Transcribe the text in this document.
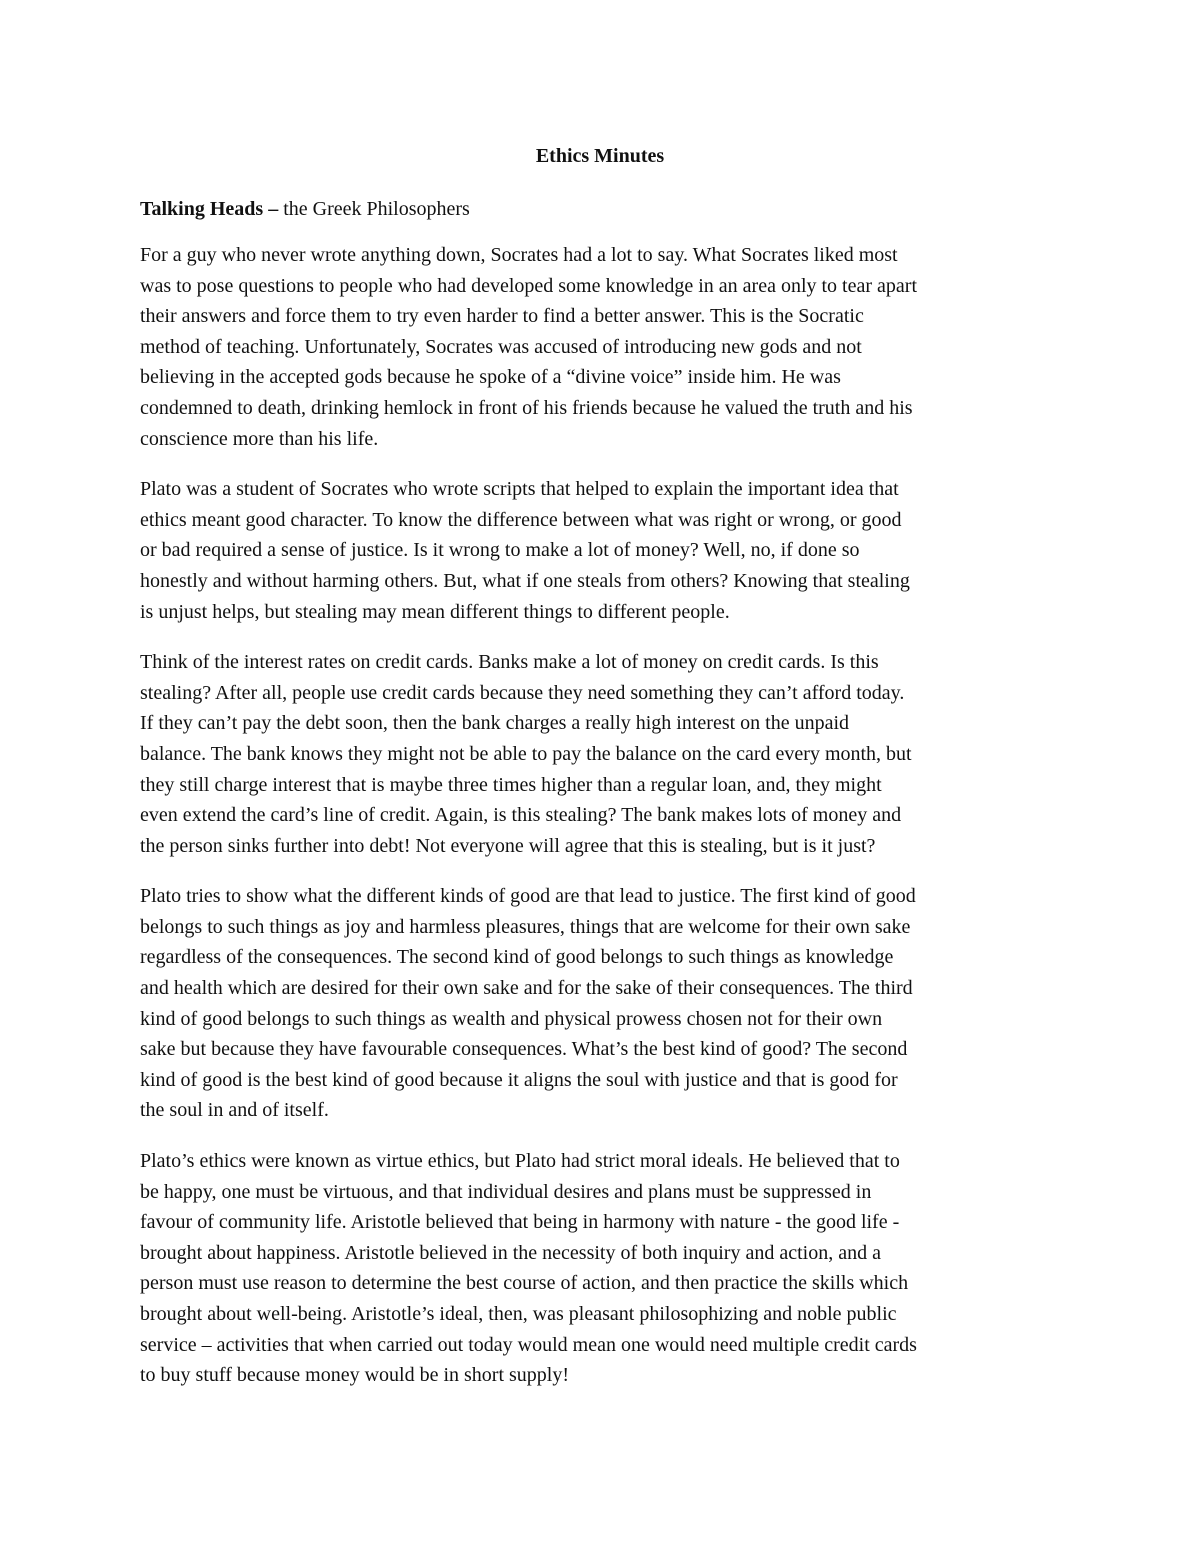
Ethics Minutes

Talking Heads – the Greek Philosophers

For a guy who never wrote anything down, Socrates had a lot to say. What Socrates liked most
was to pose questions to people who had developed some knowledge in an area only to tear apart
their answers and force them to try even harder to find a better answer. This is the Socratic
method of teaching. Unfortunately, Socrates was accused of introducing new gods and not
believing in the accepted gods because he spoke of a “divine voice” inside him. He was
condemned to death, drinking hemlock in front of his friends because he valued the truth and his
conscience more than his life.

Plato was a student of Socrates who wrote scripts that helped to explain the important idea that
ethics meant good character. To know the difference between what was right or wrong, or good
or bad required a sense of justice. Is it wrong to make a lot of money? Well, no, if done so
honestly and without harming others. But, what if one steals from others? Knowing that stealing
is unjust helps, but stealing may mean different things to different people.

Think of the interest rates on credit cards. Banks make a lot of money on credit cards. Is this
stealing? After all, people use credit cards because they need something they can’t afford today.
If they can’t pay the debt soon, then the bank charges a really high interest on the unpaid
balance. The bank knows they might not be able to pay the balance on the card every month, but
they still charge interest that is maybe three times higher than a regular loan, and, they might
even extend the card’s line of credit. Again, is this stealing? The bank makes lots of money and
the person sinks further into debt! Not everyone will agree that this is stealing, but is it just?

Plato tries to show what the different kinds of good are that lead to justice. The first kind of good
belongs to such things as joy and harmless pleasures, things that are welcome for their own sake
regardless of the consequences. The second kind of good belongs to such things as knowledge
and health which are desired for their own sake and for the sake of their consequences. The third
kind of good belongs to such things as wealth and physical prowess chosen not for their own
sake but because they have favourable consequences. What’s the best kind of good? The second
kind of good is the best kind of good because it aligns the soul with justice and that is good for
the soul in and of itself.

Plato’s ethics were known as virtue ethics, but Plato had strict moral ideals. He believed that to
be happy, one must be virtuous, and that individual desires and plans must be suppressed in
favour of community life. Aristotle believed that being in harmony with nature - the good life -
brought about happiness. Aristotle believed in the necessity of both inquiry and action, and a
person must use reason to determine the best course of action, and then practice the skills which
brought about well-being. Aristotle’s ideal, then, was pleasant philosophizing and noble public
service – activities that when carried out today would mean one would need multiple credit cards
to buy stuff because money would be in short supply!
